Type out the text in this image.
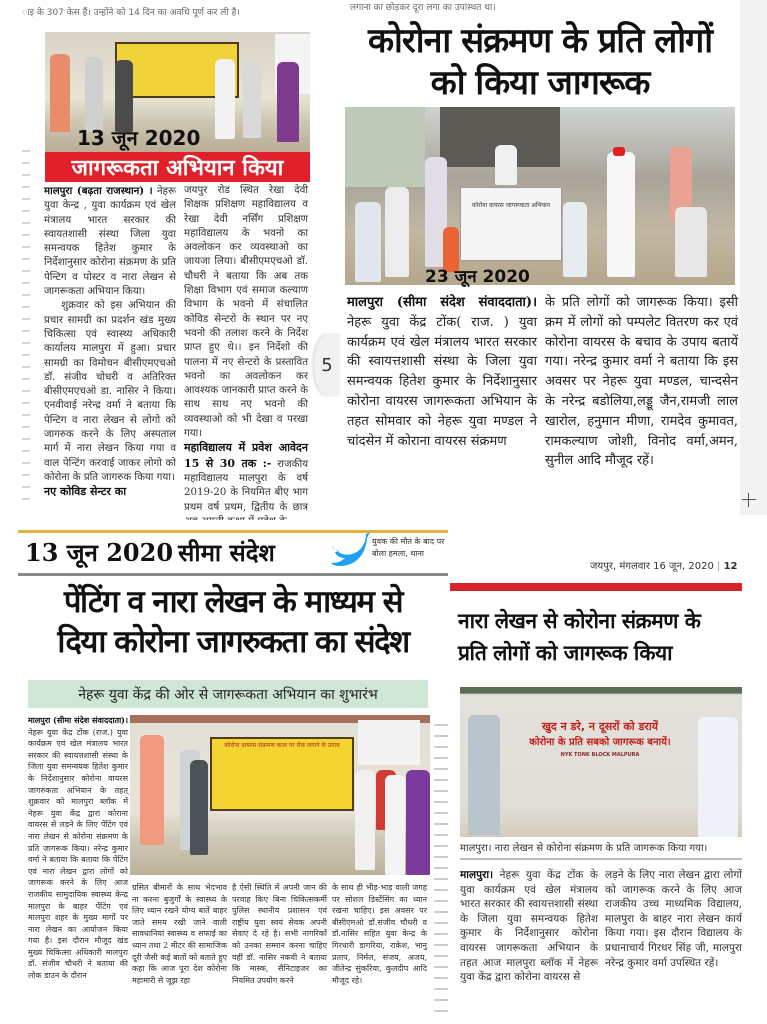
ाइ के 307 केस हैं। उन्होंने को 14 दिन का अवधि पूर्ण कर ली है।
13 जून 2020
जागरूकता अभियान किया
मालपुरा (बढ़ता राजस्थान) । नेहरू युवा केन्द्र , युवा कार्यक्रम एवं खेल मंत्रालय भारत सरकार की स्वायतशासी संस्था जिला युवा समन्वयक हितेश कुमार के निर्देशानुसार कोरोना संक्रमण के प्रति पेन्टिग व पोस्टर व नारा लेखन से जागरूकता अभियान किया।
शुक्रवार को इस अभियान की प्रचार सामग्री का प्रदर्शन खंड मुख्य चिकित्सा एवं स्वास्थ्य अधिकारी कार्यालय मालपुरा में हुआ। प्रचार सामग्री का विमोचन बीसीएमएचओ डॉ. संजीव चोधरी व अतिरिक्त बीसीएमएचओ डा. नासिर ने किया। एनवीवाई नरेन्द्र वर्मा ने बताया कि पेन्टिग व नारा लेखन से लोगो को जागरुक करने के लिए अस्पताल मार्ग में नारा लेखन किया गया व वाल पेन्टिंग करवाई जाकर लोगो को कोरोना के प्रति जागरुक किया गया।
नए कोविड सेन्टर का
जयपुर रोड स्थित रेखा देवी शिक्षक प्रशिक्षण महाविद्यालय व रेखा देवी नर्सिंग प्रशिक्षण महाविद्यालय के भवनो का अवलोकन कर व्यवस्थाओ का जायजा लिया। बीसीएमएचओ डॉ. चौधरी ने बताया कि अब तक शिक्षा विभाग एवं समाज कल्याण विभाग के भवनो में संचालित कोविड सेन्टरो के स्थान पर नए भवनो की तलाश करने के निर्देश प्राप्त हुए थे।। इन निर्देशो की पालना में नए सेन्टरो के प्रस्तावित भवनो का अवलोकन कर आवश्यक जानकारी प्राप्त करने के साथ साथ नए भवनो की व्यवस्थाओ को भी देखा व परखा गया।
महाविद्यालय में प्रवेश आवेदन 15 से 30 तक :- राजकीय महाविद्यालय मालपुरा के वर्ष 2019-20 के नियमित बीए भाग प्रथम वर्ष प्रथम, द्वितीय के छात्र
5
लगाना का छोड़कर दूरा लगा का उपास्थत था।
कोरोना संक्रमण के प्रति लोगों
को किया जागरूक
कोरोना वायरस जागरूकता अभियान
23 जून 2020
मालपुरा (सीमा संदेश संवाददाता)। नेहरू युवा केंद्र टोंक( राज. ) युवा कार्यक्रम एवं खेल मंत्रालय भारत सरकार की स्वायत्तशासी संस्था के जिला युवा समन्वयक हितेश कुमार के निर्देशानुसार कोरोना वायरस जागरूकता अभियान के तहत सोमवार को नेहरू युवा मण्डल ने चांदसेन में कोराना वायरस संक्रमण
के प्रति लोगों को जागरूक किया। इसी क्रम में लोगों को पम्पलेट वितरण कर एवं कोरोना वायरस के बचाव के उपाय बतायें गया। नरेन्द्र कुमार वर्मा ने बताया कि इस अवसर पर नेहरू युवा मण्डल, चान्दसेन के नरेन्द्र बडोलिया,लड्डू जैन,रामजी लाल खारोल, हनुमान मीणा, रामदेव कुमावत, रामकल्याण जोशी, विनोद वर्मा,अमन, सुनील आदि मौजूद रहें।
13 जून 2020 सीमा संदेश	युवक की मौत के बाद पर बोला हमला, थाना
पेंटिंग व नारा लेखन के माध्यम से
दिया कोरोना जागरुकता का संदेश
नेहरू युवा केंद्र की ओर से जागरूकता अभियान का शुभारंभ
कोरोना वायरस संक्रमण काल पर रोक लगाने के उपाय
मालपुरा (सीमा संदेश संवाददाता)। नेहरू युवा केंद्र टोंक (राज.) युवा कार्यक्रम एवं खेल मंत्रालय भारत सरकार की स्वायत्तशासी संस्था के जिला युवा समन्वयक हितेश कुमार के निर्देशानुसार कोरोना वायरस जागरुकता अभियान के तहत् शुक्रवार को मालपुरा ब्लॉक में नेहरू युवा केंद्र द्वारा कोराना वायरस से लड़ने के लिए पेंटिंग एवं नारा लेखन से कोरोना संक्रमण के प्रति जागरूक किया। नरेन्द्र कुमार वर्मा ने बताया कि बताया कि पेंटिंग एवं नारा लेखन द्वारा लोगों को जागरूक करने के लिए आज राजकीय सामुदायिक स्वास्थ्य केन्द्र मालपुरा के बाहर पेंटिंग एवं मालपुरा शहर के मुख्य मार्गो पर नारा लेखन का आयोजन किया गया है। इस दौरान मौजूद खंड मुख्य चिकित्सा अधिकारी मालपुरा डॉ. संजीव चौधरी ने बताया की लोक डाउन के दौरान
ग्रसित बीमारों के साथ भेदभाव ना करना बुजुर्गों के स्वास्थ्य के लिए ध्यान रखने योग्य बातें बाहर जाते समय रखी जाने वाली सावधानियां स्वास्थ्य व सफाई का ध्यान तथा 2 मीटर की सामाजिक दूरी जैसी कई बातों को बताते हुए कहा कि आज पूरा देश कोरोना महामारी से जूझ रहा
है ऐसी स्थिति में अपनी जान की परवाह किए बिना चिकित्सकर्मी पुलिस स्थानीय प्रशासन एवं राष्ट्रीय युवा स्वयं सेवक अपनी सेवाएं दे रहे है। सभी नागरिकों को उनका सम्मान करना चाहिए वहीं डॉ. नासिर नकवी ने बताया कि मास्क, सैनिटाइजर का नियमित उपयोग करने
के साथ ही भीड़-भाड़ वाली जगह पर सोशल डिस्टेंसिंग का ध्यान रखना चाहिए। इस अवसर पर बीसीएमओ डॉ.संजीव चौधरी व डॉ.नासिर सहित युवा केन्द्र के गिरधारी डागरिया, राकेश, भानु प्रताप, निर्मल, संजय, अजय, जीतेन्द्र सुंकरिया, कुलदीप आदि मौजूद रहे।
जयपुर, मंगलवार 16 जून, 2020 | 12
नारा लेखन से कोरोना संक्रमण के
प्रति लोगों को जागरूक किया
खुद न डरे, न दूसरों को डरायें
कोरोना के प्रति सबको जागरूक बनायें।
NYK TONK BLOCK MALPURA
मालपुरा। नारा लेखन से कोरोना संक्रमण के प्रति जागरूक किया गया।
मालपुरा। नेहरू युवा केंद्र टोंक के युवा कार्यक्रम एवं खेल मंत्रालय भारत सरकार की स्वायत्तशासी संस्था के जिला युवा समन्वयक हितेश कुमार के निर्देशानुसार कोरोना वायरस जागरूकता अभियान के तहत आज मालपुरा ब्लॉक में नेहरू युवा केंद्र द्वारा कोरोना वायरस से
लड़ने के लिए नारा लेखन द्वारा लोगों को जागरूक करने के लिए आज राजकीय उच्च माध्यमिक विद्यालय, मालपुरा के बाहर नारा लेखन कार्य किया गया। इस दौरान विद्यालय के प्रधानाचार्य गिरधर सिंह जी, मालपुरा नरेन्द्र कुमार वर्मा उपस्थित रहें।
